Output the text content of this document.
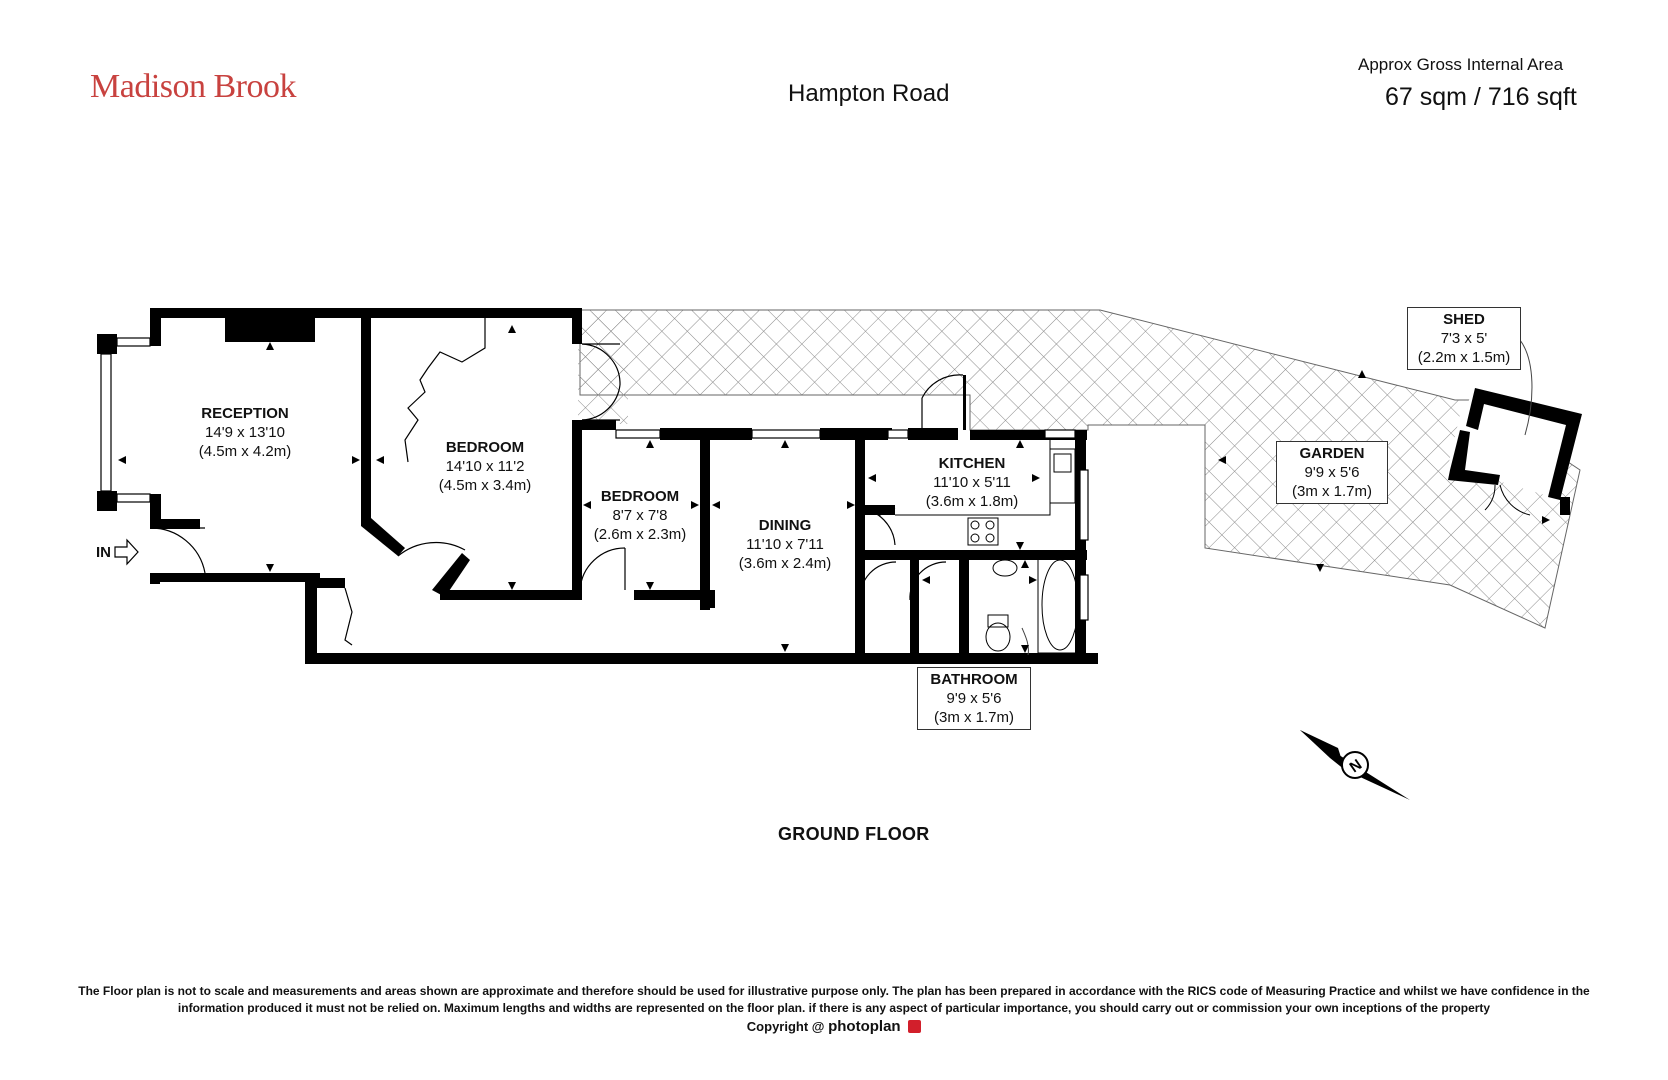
Madison Brook	Hampton Road
Approx Gross Internal Area
67 sqm / 716 sqft
N
RECEPTION
14'9 x 13'10
(4.5m x 4.2m)	BEDROOM
14'10 x 11'2
(4.5m x 3.4m)
BEDROOM
8'7 x 7'8
(2.6m x 2.3m)
DINING
11'10 x 7'11
(3.6m x 2.4m)
KITCHEN
11'10 x 5'11
(3.6m x 1.8m)
BATHROOM
9'9 x 5'6
(3m x 1.7m)
GARDEN
9'9 x 5'6
(3m x 1.7m)
SHED
7'3 x 5'
(2.2m x 1.5m)
IN
GROUND FLOOR
The Floor plan is not to scale and measurements and areas shown are approximate and therefore should be used for illustrative purpose only. The plan has been prepared in accordance with the RICS code of Measuring Practice and whilst we have confidence in the information produced it must not be relied on. Maximum lengths and widths are represented on the floor plan. if there is any aspect of particular importance, you should carry out or commission your own inceptions of the property
Copyright @ photoplan
